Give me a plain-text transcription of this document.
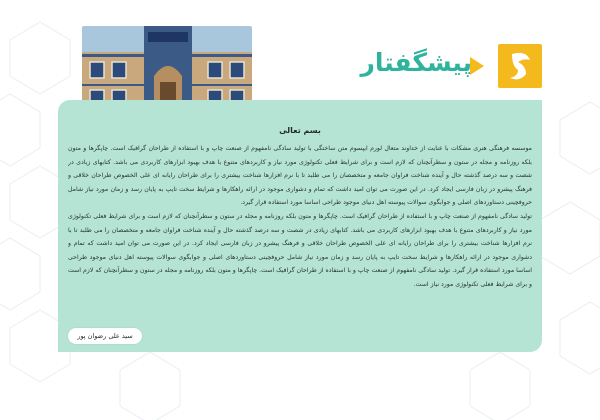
پیشگفتار
بسم تعالی

موسسه فرهنگی هنری مشکات با عنایت از خداوند متعال لورم ایپسوم متن ساختگی با تولید سادگی نامفهوم از صنعت چاپ و با استفاده از طراحان گرافیک است. چاپگرها و متون بلکه روزنامه و مجله در ستون و سطرآنچنان که لازم است و برای شرایط فعلی تکنولوژی مورد نیاز و کاربردهای متنوع با هدف بهبود ابزارهای کاربردی می باشد. کتابهای زیادی در شصت و سه درصد گذشته حال و آینده شناخت فراوان جامعه و متخصصان را می طلبد تا با نرم افزارها شناخت بیشتری را برای طراحان رایانه ای علی الخصوص طراحان خلاقی و فرهنگ پیشرو در زبان فارسی ایجاد کرد. در این صورت می توان امید داشت که تمام و دشواری موجود در ارائه راهکارها و شرایط سخت تایپ به پایان رسد و زمان مورد نیاز شامل حروفچینی دستاوردهای اصلی و جوابگوی سوالات پیوسته اهل دنیای موجود طراحی اساسا مورد استفاده قرار گیرد.

تولید سادگی نامفهوم از صنعت چاپ و با استفاده از طراحان گرافیک است. چاپگرها و متون بلکه روزنامه و مجله در ستون و سطرآنچنان که لازم است و برای شرایط فعلی تکنولوژی مورد نیاز و کاربردهای متنوع با هدف بهبود ابزارهای کاربردی می باشد. کتابهای زیادی در شصت و سه درصد گذشته حال و آینده شناخت فراوان جامعه و متخصصان را می طلبد تا با نرم افزارها شناخت بیشتری را برای طراحان رایانه ای علی الخصوص طراحان خلاقی و فرهنگ پیشرو در زبان فارسی ایجاد کرد. در این صورت می توان امید داشت که تمام و دشواری موجود در ارائه راهکارها و شرایط سخت تایپ به پایان رسد و زمان مورد نیاز شامل حروفچینی دستاوردهای اصلی و جوابگوی سوالات پیوسته اهل دنیای موجود طراحی اساسا مورد استفاده قرار گیرد. تولید سادگی نامفهوم از صنعت چاپ و با استفاده از طراحان گرافیک است. چاپگرها و متون بلکه روزنامه و مجله در ستون و سطرآنچنان که لازم است و برای شرایط فعلی تکنولوژی مورد نیاز است.

سید علی رضوان پور
